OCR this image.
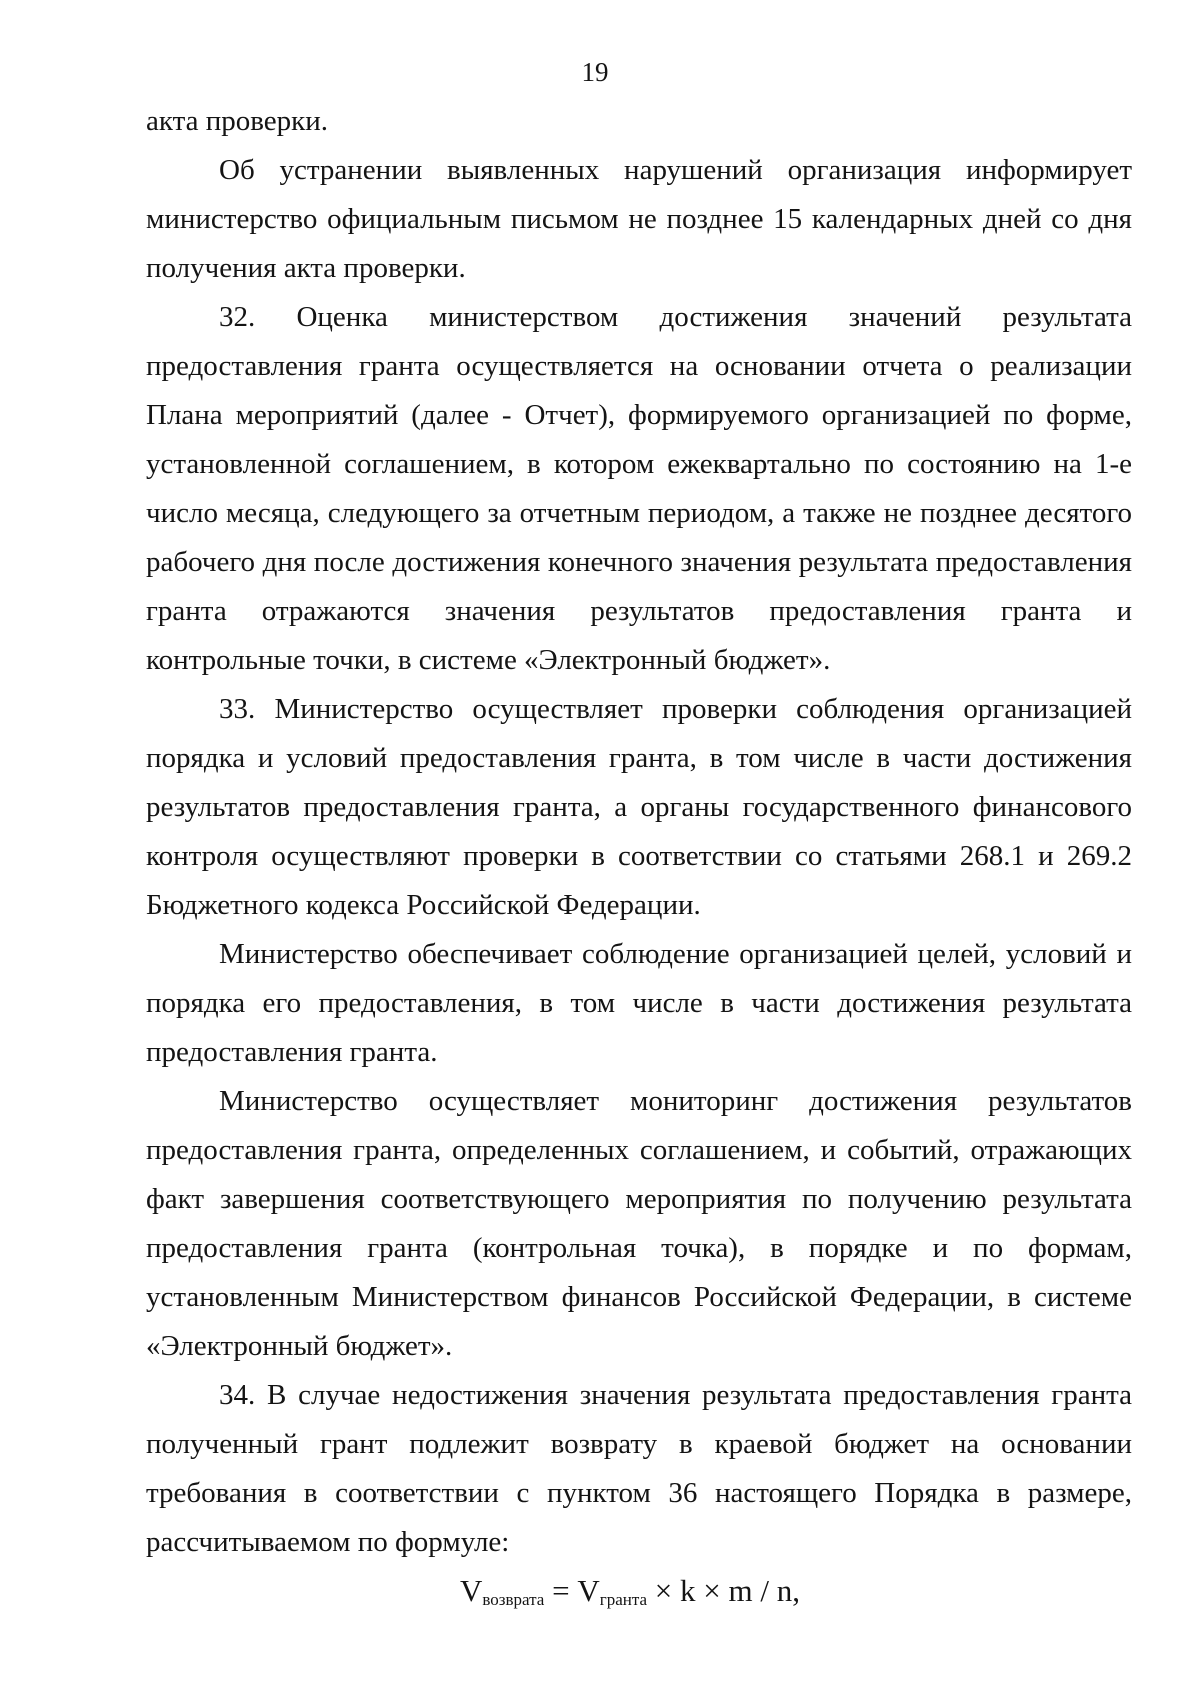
19

акта проверки.

Об устранении выявленных нарушений организация информирует министерство официальным письмом не позднее 15 календарных дней со дня получения акта проверки.

32. Оценка министерством достижения значений результата предоставления гранта осуществляется на основании отчета о реализации Плана мероприятий (далее - Отчет), формируемого организацией по форме, установленной соглашением, в котором ежеквартально по состоянию на 1-е число месяца, следующего за отчетным периодом, а также не позднее десятого рабочего дня после достижения конечного значения результата предоставления гранта отражаются значения результатов предоставления гранта и контрольные точки, в системе «Электронный бюджет».

33. Министерство осуществляет проверки соблюдения организацией порядка и условий предоставления гранта, в том числе в части достижения результатов предоставления гранта, а органы государственного финансового контроля осуществляют проверки в соответствии со статьями 268.1 и 269.2 Бюджетного кодекса Российской Федерации.

Министерство обеспечивает соблюдение организацией целей, условий и порядка его предоставления, в том числе в части достижения результата предоставления гранта.

Министерство осуществляет мониторинг достижения результатов предоставления гранта, определенных соглашением, и событий, отражающих факт завершения соответствующего мероприятия по получению результата предоставления гранта (контрольная точка), в порядке и по формам, установленным Министерством финансов Российской Федерации, в системе «Электронный бюджет».

34. В случае недостижения значения результата предоставления гранта полученный грант подлежит возврату в краевой бюджет на основании требования в соответствии с пунктом 36 настоящего Порядка в размере, рассчитываемом по формуле:

$V_{возврата} = V_{гранта} \times k \times m / n$,
